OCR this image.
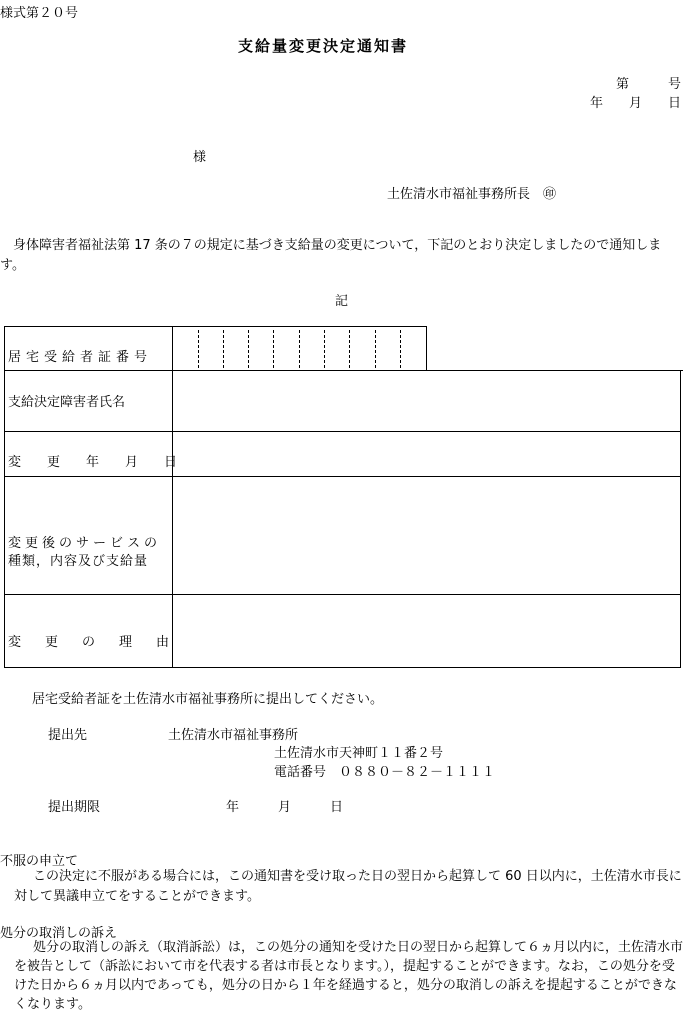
様式第２０号
支給量変更決定通知書
第　　　号
年　　月　　日
様
土佐清水市福祉事務所長　㊞
身体障害者福祉法第 17 条の７の規定に基づき支給量の変更について，下記のとおり決定しましたので通知します。
記
居宅受給者証番号
支給決定障害者氏名
変更年月日
変更後のサービスの
種類，内容及び支給量
変更の理由
居宅受給者証を土佐清水市福祉事務所に提出してください。
提出先	土佐清水市福祉事務所
土佐清水市天神町１１番２号
電話番号　０８８０－８２－１１１１
提出期限	年　　　月　　　日
不服の申立て
この決定に不服がある場合には，この通知書を受け取った日の翌日から起算して 60 日以内に，土佐清水市長に対して異議申立てをすることができます。
処分の取消しの訴え
処分の取消しの訴え（取消訴訟）は，この処分の通知を受けた日の翌日から起算して６ヵ月以内に，土佐清水市を被告として（訴訟において市を代表する者は市長となります。），提起することができます。なお，この処分を受けた日から６ヵ月以内であっても，処分の日から１年を経過すると，処分の取消しの訴えを提起することができなくなります。
